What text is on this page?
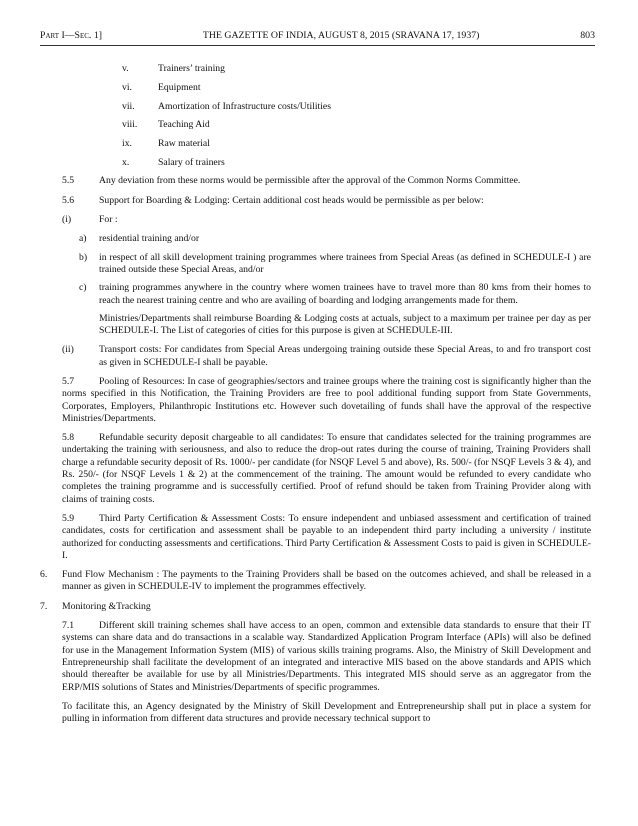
Part I—Sec. 1]	THE GAZETTE OF INDIA, AUGUST 8, 2015 (SRAVANA 17, 1937)	803
v.	Trainers’ training
vi.	Equipment
vii.	Amortization of Infrastructure costs/Utilities
viii.	Teaching Aid
ix.	Raw material
x.	Salary of trainers

5.5	Any deviation from these norms would be permissible after the approval of the Common Norms Committee.

5.6	Support for Boarding & Lodging: Certain additional cost heads would be permissible as per below:

(i)	For :

a)	residential training and/or
b)	in respect of all skill development training programmes where trainees from Special Areas (as defined in SCHEDULE-I ) are trained outside these Special Areas, and/or
c)	training programmes anywhere in the country where women trainees have to travel more than 80 kms from their homes to reach the nearest training centre and who are availing of boarding and lodging arrangements made for them.

Ministries/Departments shall reimburse Boarding & Lodging costs at actuals, subject to a maximum per trainee per day as per SCHEDULE-I. The List of categories of cities for this purpose is given at SCHEDULE-III.

(ii)	Transport costs: For candidates from Special Areas undergoing training outside these Special Areas, to and fro transport cost as given in SCHEDULE-I shall be payable.

5.7	Pooling of Resources: In case of geographies/sectors and trainee groups where the training cost is significantly higher than the norms specified in this Notification, the Training Providers are free to pool additional funding support from State Governments, Corporates, Employers, Philanthropic Institutions etc. However such dovetailing of funds shall have the approval of the respective Ministries/Departments.

5.8	Refundable security deposit chargeable to all candidates: To ensure that candidates selected for the training programmes are undertaking the training with seriousness, and also to reduce the drop-out rates during the course of training, Training Providers shall charge a refundable security deposit of Rs. 1000/- per candidate (for NSQF Level 5 and above), Rs. 500/- (for NSQF Levels 3 & 4), and Rs. 250/- (for NSQF Levels 1 & 2) at the commencement of the training. The amount would be refunded to every candidate who completes the training programme and is successfully certified. Proof of refund should be taken from Training Provider along with claims of training costs.

5.9	Third Party Certification & Assessment Costs: To ensure independent and unbiased assessment and certification of trained candidates, costs for certification and assessment shall be payable to an independent third party including a university / institute authorized for conducting assessments and certifications. Third Party Certification & Assessment Costs to paid is given in SCHEDULE-I.

6.	Fund Flow Mechanism : The payments to the Training Providers shall be based on the outcomes achieved, and shall be released in a manner as given in SCHEDULE-IV to implement the programmes effectively.
7.	Monitoring &Tracking

7.1	Different skill training schemes shall have access to an open, common and extensible data standards to ensure that their IT systems can share data and do transactions in a scalable way. Standardized Application Program Interface (APIs) will also be defined for use in the Management Information System (MIS) of various skills training programs. Also, the Ministry of Skill Development and Entrepreneurship shall facilitate the development of an integrated and interactive MIS based on the above standards and APIS which should thereafter be available for use by all Ministries/Departments. This integrated MIS should serve as an aggregator from the ERP/MIS solutions of States and Ministries/Departments of specific programmes.

To facilitate this, an Agency designated by the Ministry of Skill Development and Entrepreneurship shall put in place a system for pulling in information from different data structures and provide necessary technical support to
